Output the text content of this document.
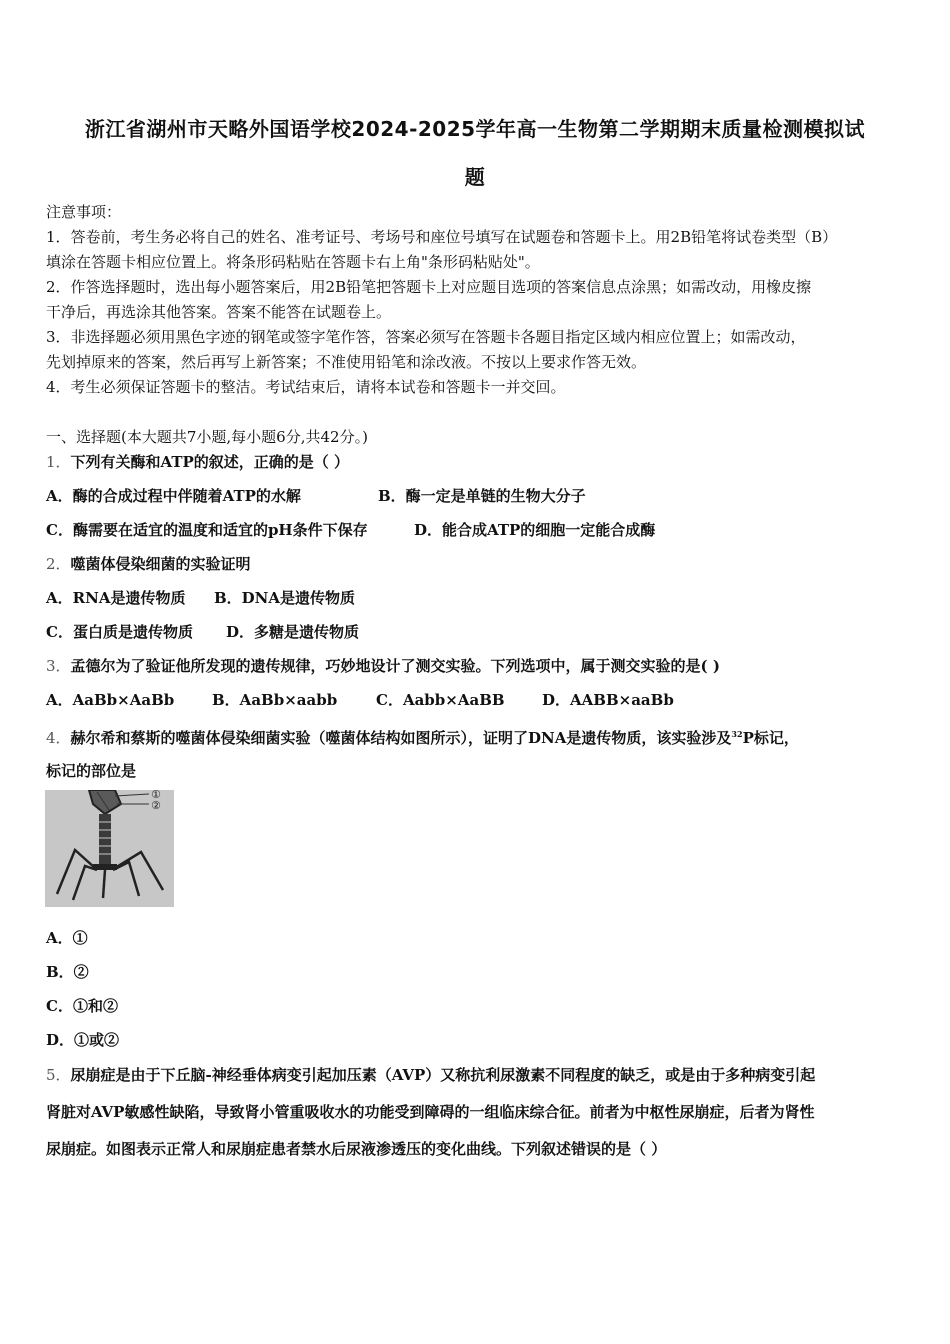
浙江省湖州市天略外国语学校2024-2025学年高一生物第二学期期末质量检测模拟试
题
注意事项：
1．答卷前，考生务必将自己的姓名、准考证号、考场号和座位号填写在试题卷和答题卡上。用2B铅笔将试卷类型（B）
填涂在答题卡相应位置上。将条形码粘贴在答题卡右上角"条形码粘贴处"。
2．作答选择题时，选出每小题答案后，用2B铅笔把答题卡上对应题目选项的答案信息点涂黑；如需改动，用橡皮擦
干净后，再选涂其他答案。答案不能答在试题卷上。
3．非选择题必须用黑色字迹的钢笔或签字笔作答，答案必须写在答题卡各题目指定区域内相应位置上；如需改动，
先划掉原来的答案，然后再写上新答案；不准使用铅笔和涂改液。不按以上要求作答无效。
4．考生必须保证答题卡的整洁。考试结束后，请将本试卷和答题卡一并交回。
一、选择题(本大题共7小题,每小题6分,共42分。)
1．下列有关酶和ATP的叙述，正确的是（ ）
A．酶的合成过程中伴随着ATP的水解	B．酶一定是单链的生物大分子
C．酶需要在适宜的温度和适宜的pH条件下保存	D．能合成ATP的细胞一定能合成酶
2．噬菌体侵染细菌的实验证明
A．RNA是遗传物质 B．DNA是遗传物质
C．蛋白质是遗传物质 D．多糖是遗传物质
3．孟德尔为了验证他所发现的遗传规律，巧妙地设计了测交实验。下列选项中，属于测交实验的是( )
A．AaBb×AaBb	B．AaBb×aabb	C．Aabb×AaBB D．AABB×aaBb
4．赫尔希和蔡斯的噬菌体侵染细菌实验（噬菌体结构如图所示），证明了DNA是遗传物质，该实验涉及$^{32}$P标记，
标记的部位是
①
②
A．①
B．②
C．①和②
D．①或②
5．尿崩症是由于下丘脑-神经垂体病变引起加压素（AVP）又称抗利尿激素不同程度的缺乏，或是由于多种病变引起
肾脏对AVP敏感性缺陷，导致肾小管重吸收水的功能受到障碍的一组临床综合征。前者为中枢性尿崩症，后者为肾性
尿崩症。如图表示正常人和尿崩症患者禁水后尿液渗透压的变化曲线。下列叙述错误的是（ ）
